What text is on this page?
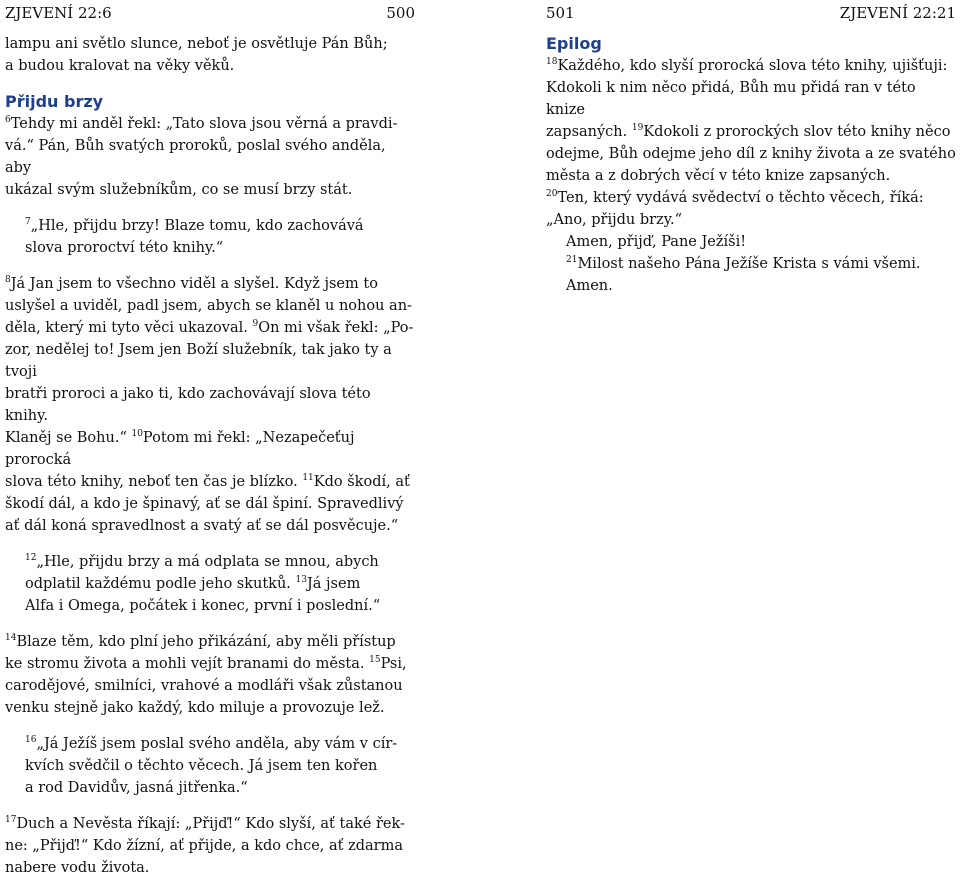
ZJEVENÍ 22:6	500

lampu ani světlo slunce, neboť je osvětluje Pán Bůh;
a budou kralovat na věky věků.

Přijdu brzy

$^6$Tehdy mi anděl řekl: „Tato slova jsou věrná a pravdi-
vá.“ Pán, Bůh svatých proroků, poslal svého anděla, aby
ukázal svým služebníkům, co se musí brzy stát.

$^7$„Hle, přijdu brzy! Blaze tomu, kdo zachovává
slova proroctví této knihy.“

$^8$Já Jan jsem to všechno viděl a slyšel. Když jsem to
uslyšel a uviděl, padl jsem, abych se klaněl u nohou an-
děla, který mi tyto věci ukazoval. $^9$On mi však řekl: „Po-
zor, nedělej to! Jsem jen Boží služebník, tak jako ty a tvoji
bratři proroci a jako ti, kdo zachovávají slova této knihy.
Klaněj se Bohu.“ $^{10}$Potom mi řekl: „Nezapečeťuj prorocká
slova této knihy, neboť ten čas je blízko. $^{11}$Kdo škodí, ať
škodí dál, a kdo je špinavý, ať se dál špiní. Spravedlivý
ať dál koná spravedlnost a svatý ať se dál posvěcuje.“

$^{12}$„Hle, přijdu brzy a má odplata se mnou, abych
odplatil každému podle jeho skutků. $^{13}$Já jsem
Alfa i Omega, počátek i konec, první i poslední.“

$^{14}$Blaze těm, kdo plní jeho přikázání, aby měli přístup
ke stromu života a mohli vejít branami do města. $^{15}$Psi,
carodějové, smilníci, vrahové a modláři však zůstanou
venku stejně jako každý, kdo miluje a provozuje lež.

$^{16}$„Já Ježíš jsem poslal svého anděla, aby vám v cír-
kvích svědčil o těchto věcech. Já jsem ten kořen
a rod Davidův, jasná jitřenka.“

$^{17}$Duch a Nevěsta říkají: „Přijď!“ Kdo slyší, ať také řek-
ne: „Přijď!“ Kdo žízní, ať přijde, a kdo chce, ať zdarma
nabere vodu života.

501	ZJEVENÍ 22:21
Epilog

$^{18}$Každého, kdo slyší prorocká slova této knihy, ujišťuji:
Kdokoli k nim něco přidá, Bůh mu přidá ran v této knize
zapsaných. $^{19}$Kdokoli z prorockých slov této knihy něco
odejme, Bůh odejme jeho díl z knihy života a ze svatého
města a z dobrých věcí v této knize zapsaných.

$^{20}$Ten, který vydává svědectví o těchto věcech, říká:
„Ano, přijdu brzy.“

Amen, přijď, Pane Ježíši!

$^{21}$Milost našeho Pána Ježíše Krista s vámi všemi. Amen.
